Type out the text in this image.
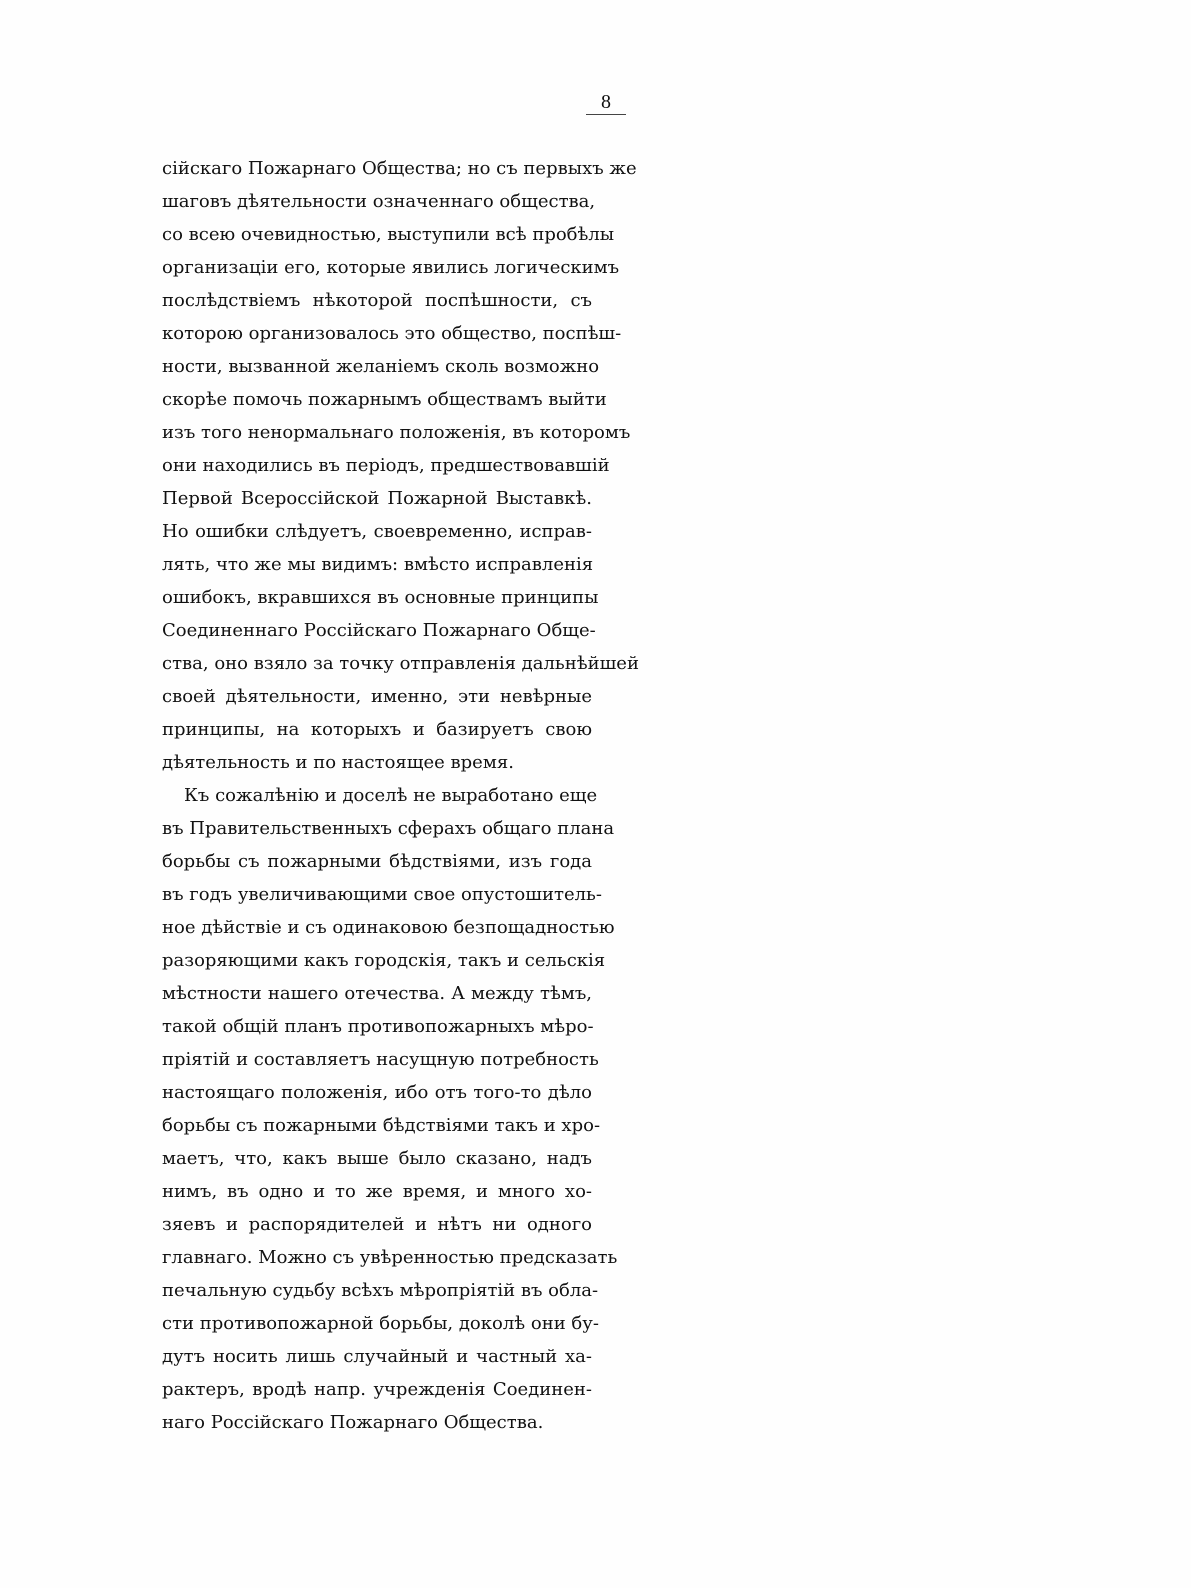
8
сійскаго Пожарнаго Общества; но съ первыхъ же
шаговъ дѣятельности означеннаго общества,
со всею очевидностью, выступили всѣ пробѣлы
организаціи его, которые явились логическимъ
послѣдствіемъ нѣкоторой поспѣшности, съ
которою организовалось это общество, поспѣш-
ности, вызванной желаніемъ сколь возможно
скорѣе помочь пожарнымъ обществамъ выйти
изъ того ненормальнаго положенія, въ которомъ
они находились въ періодъ, предшествовавшій
Первой Всероссійской Пожарной Выставкѣ.
Но ошибки слѣдуетъ, своевременно, исправ-
лять, что же мы видимъ: вмѣсто исправленія
ошибокъ, вкравшихся въ основные принципы
Соединеннаго Россійскаго Пожарнаго Обще-
ства, оно взяло за точку отправленія дальнѣйшей
своей дѣятельности, именно, эти невѣрные
принципы, на которыхъ и базируетъ свою
дѣятельность и по настоящее время.
Къ сожалѣнію и доселѣ не выработано еще
въ Правительственныхъ сферахъ общаго плана
борьбы съ пожарными бѣдствіями, изъ года
въ годъ увеличивающими свое опустошитель-
ное дѣйствіе и съ одинаковою безпощадностью
разоряющими какъ городскія, такъ и сельскія
мѣстности нашего отечества. А между тѣмъ,
такой общій планъ противопожарныхъ мѣро-
пріятій и составляетъ насущную потребность
настоящаго положенія, ибо отъ того-то дѣло
борьбы съ пожарными бѣдствіями такъ и хро-
маетъ, что, какъ выше было сказано, надъ
нимъ, въ одно и то же время, и много хо-
зяевъ и распорядителей и нѣтъ ни одного
главнаго. Можно съ увѣренностью предсказать
печальную судьбу всѣхъ мѣропріятій въ обла-
сти противопожарной борьбы, доколѣ они бу-
дутъ носить лишь случайный и частный ха-
рактеръ, вродѣ напр. учрежденія Соединен-
наго Россійскаго Пожарнаго Общества.
